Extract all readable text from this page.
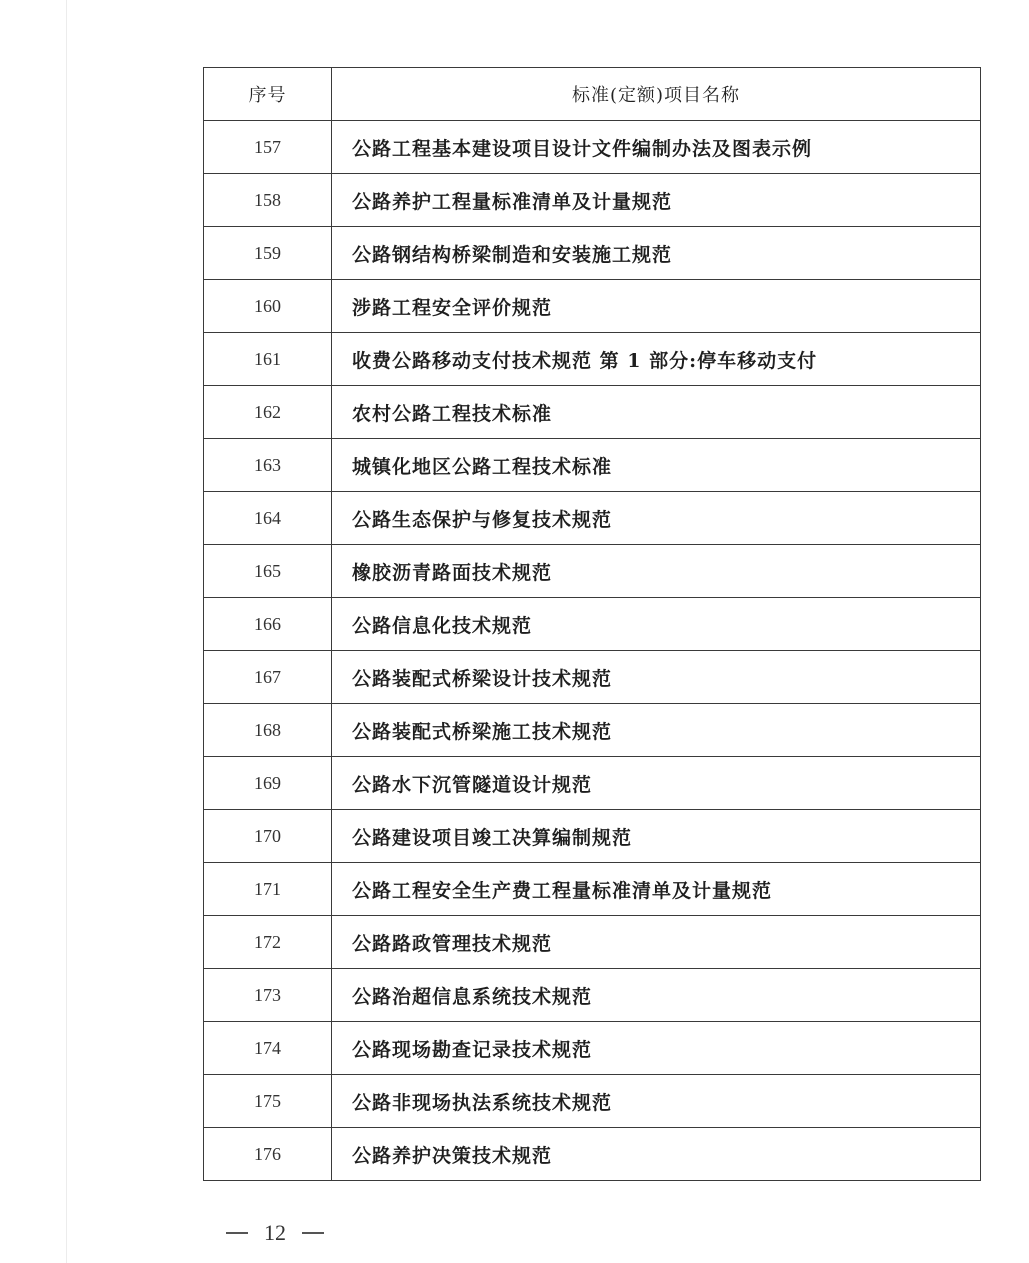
序号	标准(定额)项目名称
157	公路工程基本建设项目设计文件编制办法及图表示例
158	公路养护工程量标准清单及计量规范
159	公路钢结构桥梁制造和安装施工规范
160	涉路工程安全评价规范
161	收费公路移动支付技术规范 第 1 部分:停车移动支付
162	农村公路工程技术标准
163	城镇化地区公路工程技术标准
164	公路生态保护与修复技术规范
165	橡胶沥青路面技术规范
166	公路信息化技术规范
167	公路装配式桥梁设计技术规范
168	公路装配式桥梁施工技术规范
169	公路水下沉管隧道设计规范
170	公路建设项目竣工决算编制规范
171	公路工程安全生产费工程量标准清单及计量规范
172	公路路政管理技术规范
173	公路治超信息系统技术规范
174	公路现场勘查记录技术规范
175	公路非现场执法系统技术规范
176	公路养护决策技术规范
12
